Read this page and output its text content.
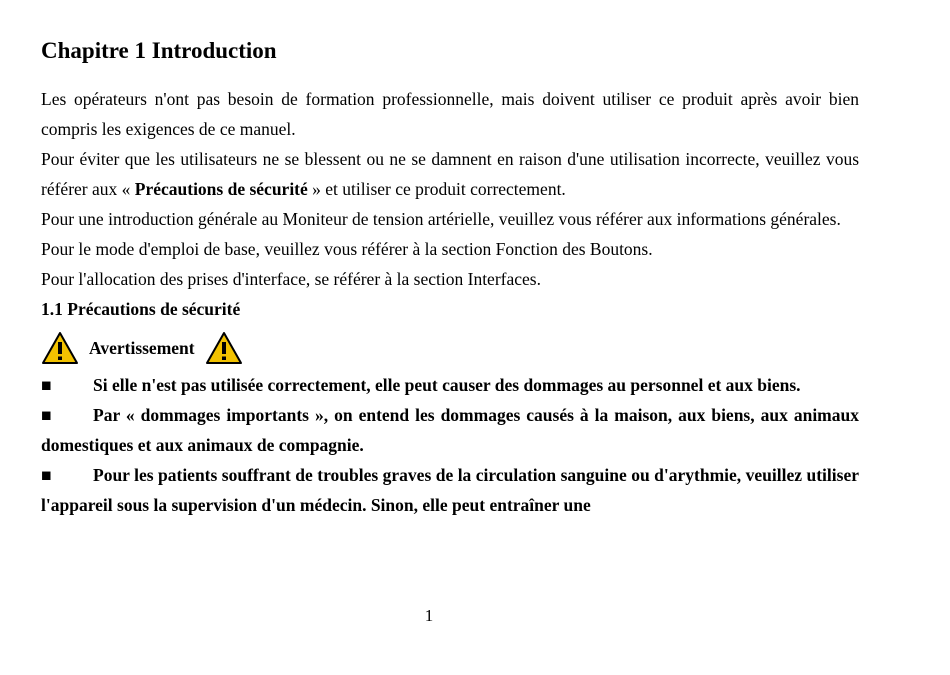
Chapitre 1 Introduction

Les opérateurs n'ont pas besoin de formation professionnelle, mais doivent utiliser ce produit après avoir bien compris les exigences de ce manuel.

Pour éviter que les utilisateurs ne se blessent ou ne se damnent en raison d'une utilisation incorrecte, veuillez vous référer aux « Précautions de sécurité » et utiliser ce produit correctement.

Pour une introduction générale au Moniteur de tension artérielle, veuillez vous référer aux informations générales.

Pour le mode d'emploi de base, veuillez vous référer à la section Fonction des Boutons.

Pour l'allocation des prises d'interface, se référer à la section Interfaces.

1.1 Précautions de sécurité
Avertissement

■ Si elle n'est pas utilisée correctement, elle peut causer des dommages au personnel et aux biens.

■ Par « dommages importants », on entend les dommages causés à la maison, aux biens, aux animaux domestiques et aux animaux de compagnie.

■ Pour les patients souffrant de troubles graves de la circulation sanguine ou d'arythmie, veuillez utiliser l'appareil sous la supervision d'un médecin. Sinon, elle peut entraîner une

1
